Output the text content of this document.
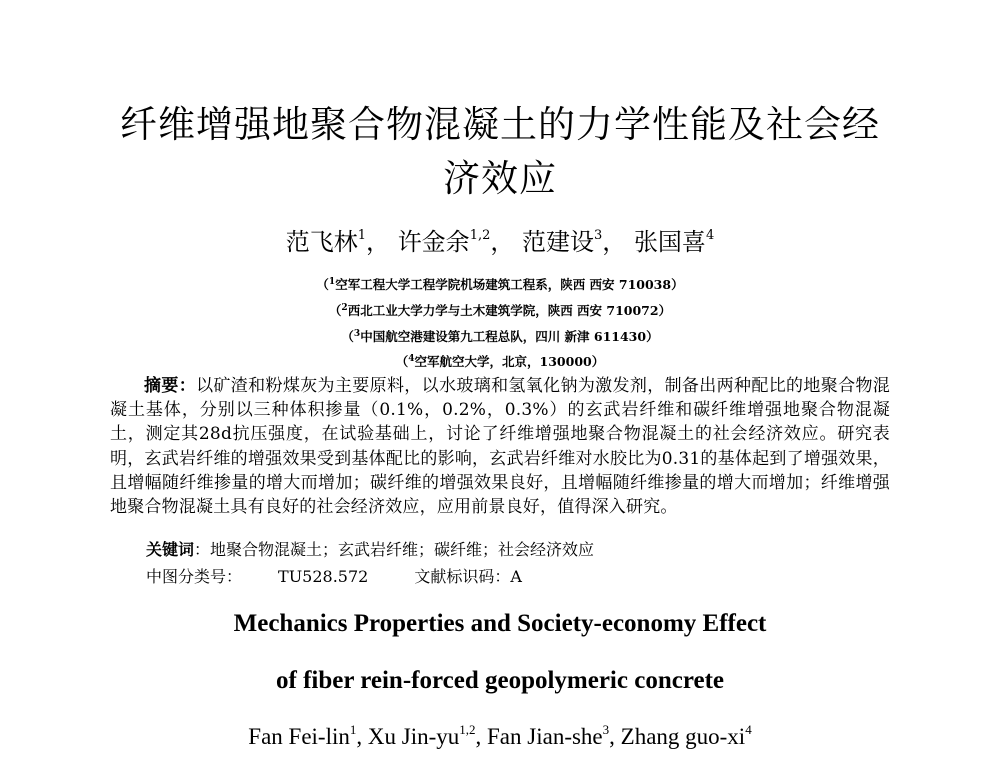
纤维增强地聚合物混凝土的力学性能及社会经
济效应
范飞林$^1$， 许金余$^{1,2}$， 范建设$^3$， 张国喜$^4$
（$^1$空军工程大学工程学院机场建筑工程系，陕西 西安 710038）
（$^2$西北工业大学力学与土木建筑学院，陕西 西安 710072）
（$^3$中国航空港建设第九工程总队，四川 新津 611430）
（$^4$空军航空大学，北京，130000）
摘要：以矿渣和粉煤灰为主要原料，以水玻璃和氢氧化钠为激发剂，制备出两种配比的地聚合物混凝土基体，分别以三种体积掺量（0.1%，0.2%，0.3%）的玄武岩纤维和碳纤维增强地聚合物混凝土，测定其28d抗压强度，在试验基础上，讨论了纤维增强地聚合物混凝土的社会经济效应。研究表明，玄武岩纤维的增强效果受到基体配比的影响，玄武岩纤维对水胶比为0.31的基体起到了增强效果，且增幅随纤维掺量的增大而增加；碳纤维的增强效果良好，且增幅随纤维掺量的增大而增加；纤维增强地聚合物混凝土具有良好的社会经济效应，应用前景良好，值得深入研究。
关键词：地聚合物混凝土；玄武岩纤维；碳纤维；社会经济效应
中图分类号： TU528.572	文献标识码：A
Mechanics Properties and Society-economy Effect
of fiber rein-forced geopolymeric concrete
Fan Fei-lin$^1$, Xu Jin-yu$^{1,2}$, Fan Jian-she$^3$, Zhang guo-$xi^4$
